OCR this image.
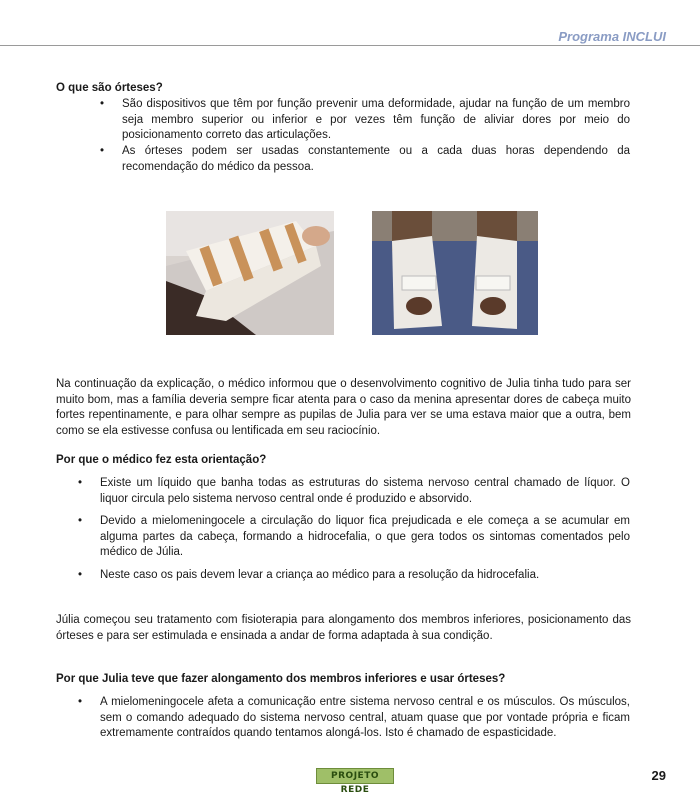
Programa INCLUI
O que são órteses?
• São dispositivos que têm por função prevenir uma deformidade, ajudar na função de um membro seja membro superior ou inferior e por vezes têm função de aliviar dores por meio do posicionamento correto das articulações.
• As órteses podem ser usadas constantemente ou a cada duas horas dependendo da recomendação do médico da pessoa.
Na continuação da explicação, o médico informou que o desenvolvimento cognitivo de Julia tinha tudo para ser muito bom, mas a família deveria sempre ficar atenta para o caso da menina apresentar dores de cabeça muito fortes repentinamente, e para olhar sempre as pupilas de Julia para ver se uma estava maior que a outra, bem como se ela estivesse confusa ou lentificada em seu raciocínio.
Por que o médico fez esta orientação?
• Existe um líquido que banha todas as estruturas do sistema nervoso central chamado de líquor. O liquor circula pelo sistema nervoso central onde é produzido e absorvido.
• Devido a mielomeningocele a circulação do liquor fica prejudicada e ele começa a se acumular em alguma partes da cabeça, formando a hidrocefalia, o que gera todos os sintomas comentados pelo médico de Júlia.
• Neste caso os pais devem levar a criança ao médico para a resolução da hidrocefalia.
Júlia começou seu tratamento com fisioterapia para alongamento dos membros inferiores, posicionamento das órteses e para ser estimulada e ensinada a andar de forma adaptada à sua condição.
Por que Julia teve que fazer alongamento dos membros inferiores e usar órteses?
• A mielomeningocele afeta a comunicação entre sistema nervoso central e os músculos. Os músculos, sem o comando adequado do sistema nervoso central, atuam quase que por vontade própria e ficam extremamente contraídos quando tentamos alongá-los. Isto é chamado de espasticidade.
PROJETO REDE
29
